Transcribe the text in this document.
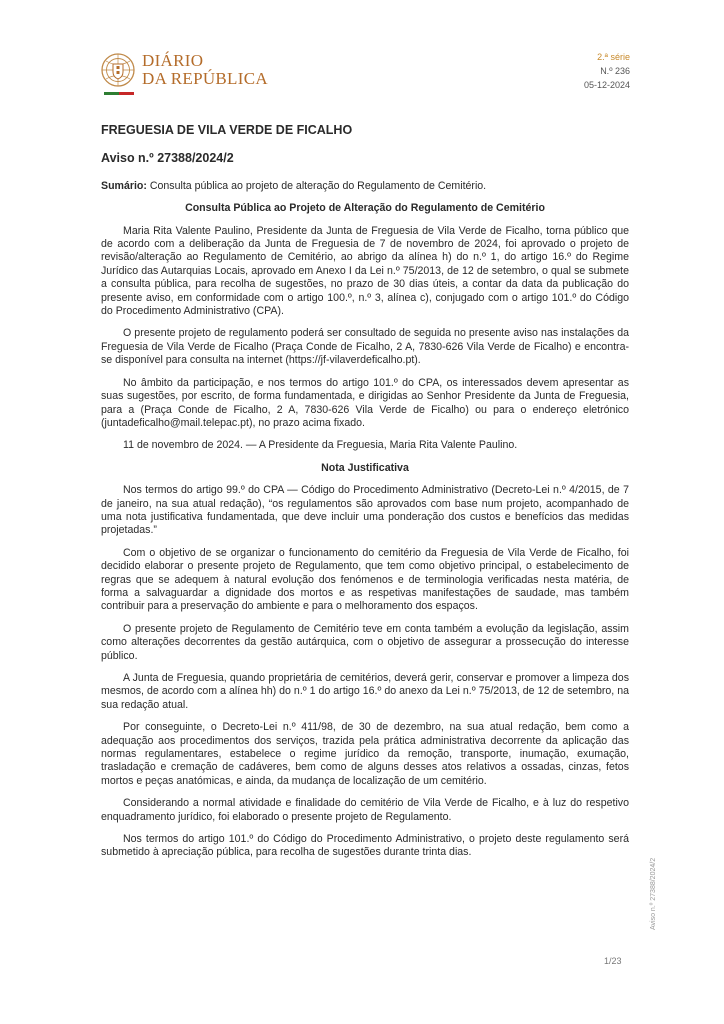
DIÁRIO
DA REPÚBLICA
2.ª série
N.º 236
05-12-2024
FREGUESIA DE VILA VERDE DE FICALHO
Aviso n.º 27388/2024/2

Sumário: Consulta pública ao projeto de alteração do Regulamento de Cemitério.

Consulta Pública ao Projeto de Alteração do Regulamento de Cemitério

Maria Rita Valente Paulino, Presidente da Junta de Freguesia de Vila Verde de Ficalho, torna público que de acordo com a deliberação da Junta de Freguesia de 7 de novembro de 2024, foi aprovado o projeto de revisão/alteração ao Regulamento de Cemitério, ao abrigo da alínea h) do n.º 1, do artigo 16.º do Regime Jurídico das Autarquias Locais, aprovado em Anexo I da Lei n.º 75/2013, de 12 de setembro, o qual se submete a consulta pública, para recolha de sugestões, no prazo de 30 dias úteis, a contar da data da publicação do presente aviso, em conformidade com o artigo 100.º, n.º 3, alínea c), conjugado com o artigo 101.º do Código do Procedimento Administrativo (CPA).

O presente projeto de regulamento poderá ser consultado de seguida no presente aviso nas instalações da Freguesia de Vila Verde de Ficalho (Praça Conde de Ficalho, 2 A, 7830-626 Vila Verde de Ficalho) e encontra-se disponível para consulta na internet (https://jf-vilaverdeficalho.pt).

No âmbito da participação, e nos termos do artigo 101.º do CPA, os interessados devem apresentar as suas sugestões, por escrito, de forma fundamentada, e dirigidas ao Senhor Presidente da Junta de Freguesia, para a (Praça Conde de Ficalho, 2 A, 7830-626 Vila Verde de Ficalho) ou para o endereço eletrónico (juntadeficalho@mail.telepac.pt), no prazo acima fixado.

11 de novembro de 2024. — A Presidente da Freguesia, Maria Rita Valente Paulino.

Nota Justificativa

Nos termos do artigo 99.º do CPA — Código do Procedimento Administrativo (Decreto-Lei n.º 4/2015, de 7 de janeiro, na sua atual redação), “os regulamentos são aprovados com base num projeto, acompanhado de uma nota justificativa fundamentada, que deve incluir uma ponderação dos custos e benefícios das medidas projetadas.”

Com o objetivo de se organizar o funcionamento do cemitério da Freguesia de Vila Verde de Ficalho, foi decidido elaborar o presente projeto de Regulamento, que tem como objetivo principal, o estabelecimento de regras que se adequem à natural evolução dos fenómenos e de terminologia verificadas nesta matéria, de forma a salvaguardar a dignidade dos mortos e as respetivas manifestações de saudade, mas também contribuir para a preservação do ambiente e para o melhoramento dos espaços.

O presente projeto de Regulamento de Cemitério teve em conta também a evolução da legislação, assim como alterações decorrentes da gestão autárquica, com o objetivo de assegurar a prossecução do interesse público.

A Junta de Freguesia, quando proprietária de cemitérios, deverá gerir, conservar e promover a limpeza dos mesmos, de acordo com a alínea hh) do n.º 1 do artigo 16.º do anexo da Lei n.º 75/2013, de 12 de setembro, na sua redação atual.

Por conseguinte, o Decreto-Lei n.º 411/98, de 30 de dezembro, na sua atual redação, bem como a adequação aos procedimentos dos serviços, trazida pela prática administrativa decorrente da aplicação das normas regulamentares, estabelece o regime jurídico da remoção, transporte, inumação, exumação, trasladação e cremação de cadáveres, bem como de alguns desses atos relativos a ossadas, cinzas, fetos mortos e peças anatómicas, e ainda, da mudança de localização de um cemitério.

Considerando a normal atividade e finalidade do cemitério de Vila Verde de Ficalho, e à luz do respetivo enquadramento jurídico, foi elaborado o presente projeto de Regulamento.

Nos termos do artigo 101.º do Código do Procedimento Administrativo, o projeto deste regulamento será submetido à apreciação pública, para recolha de sugestões durante trinta dias.

Aviso n.º 27388/2024/2
1/23
